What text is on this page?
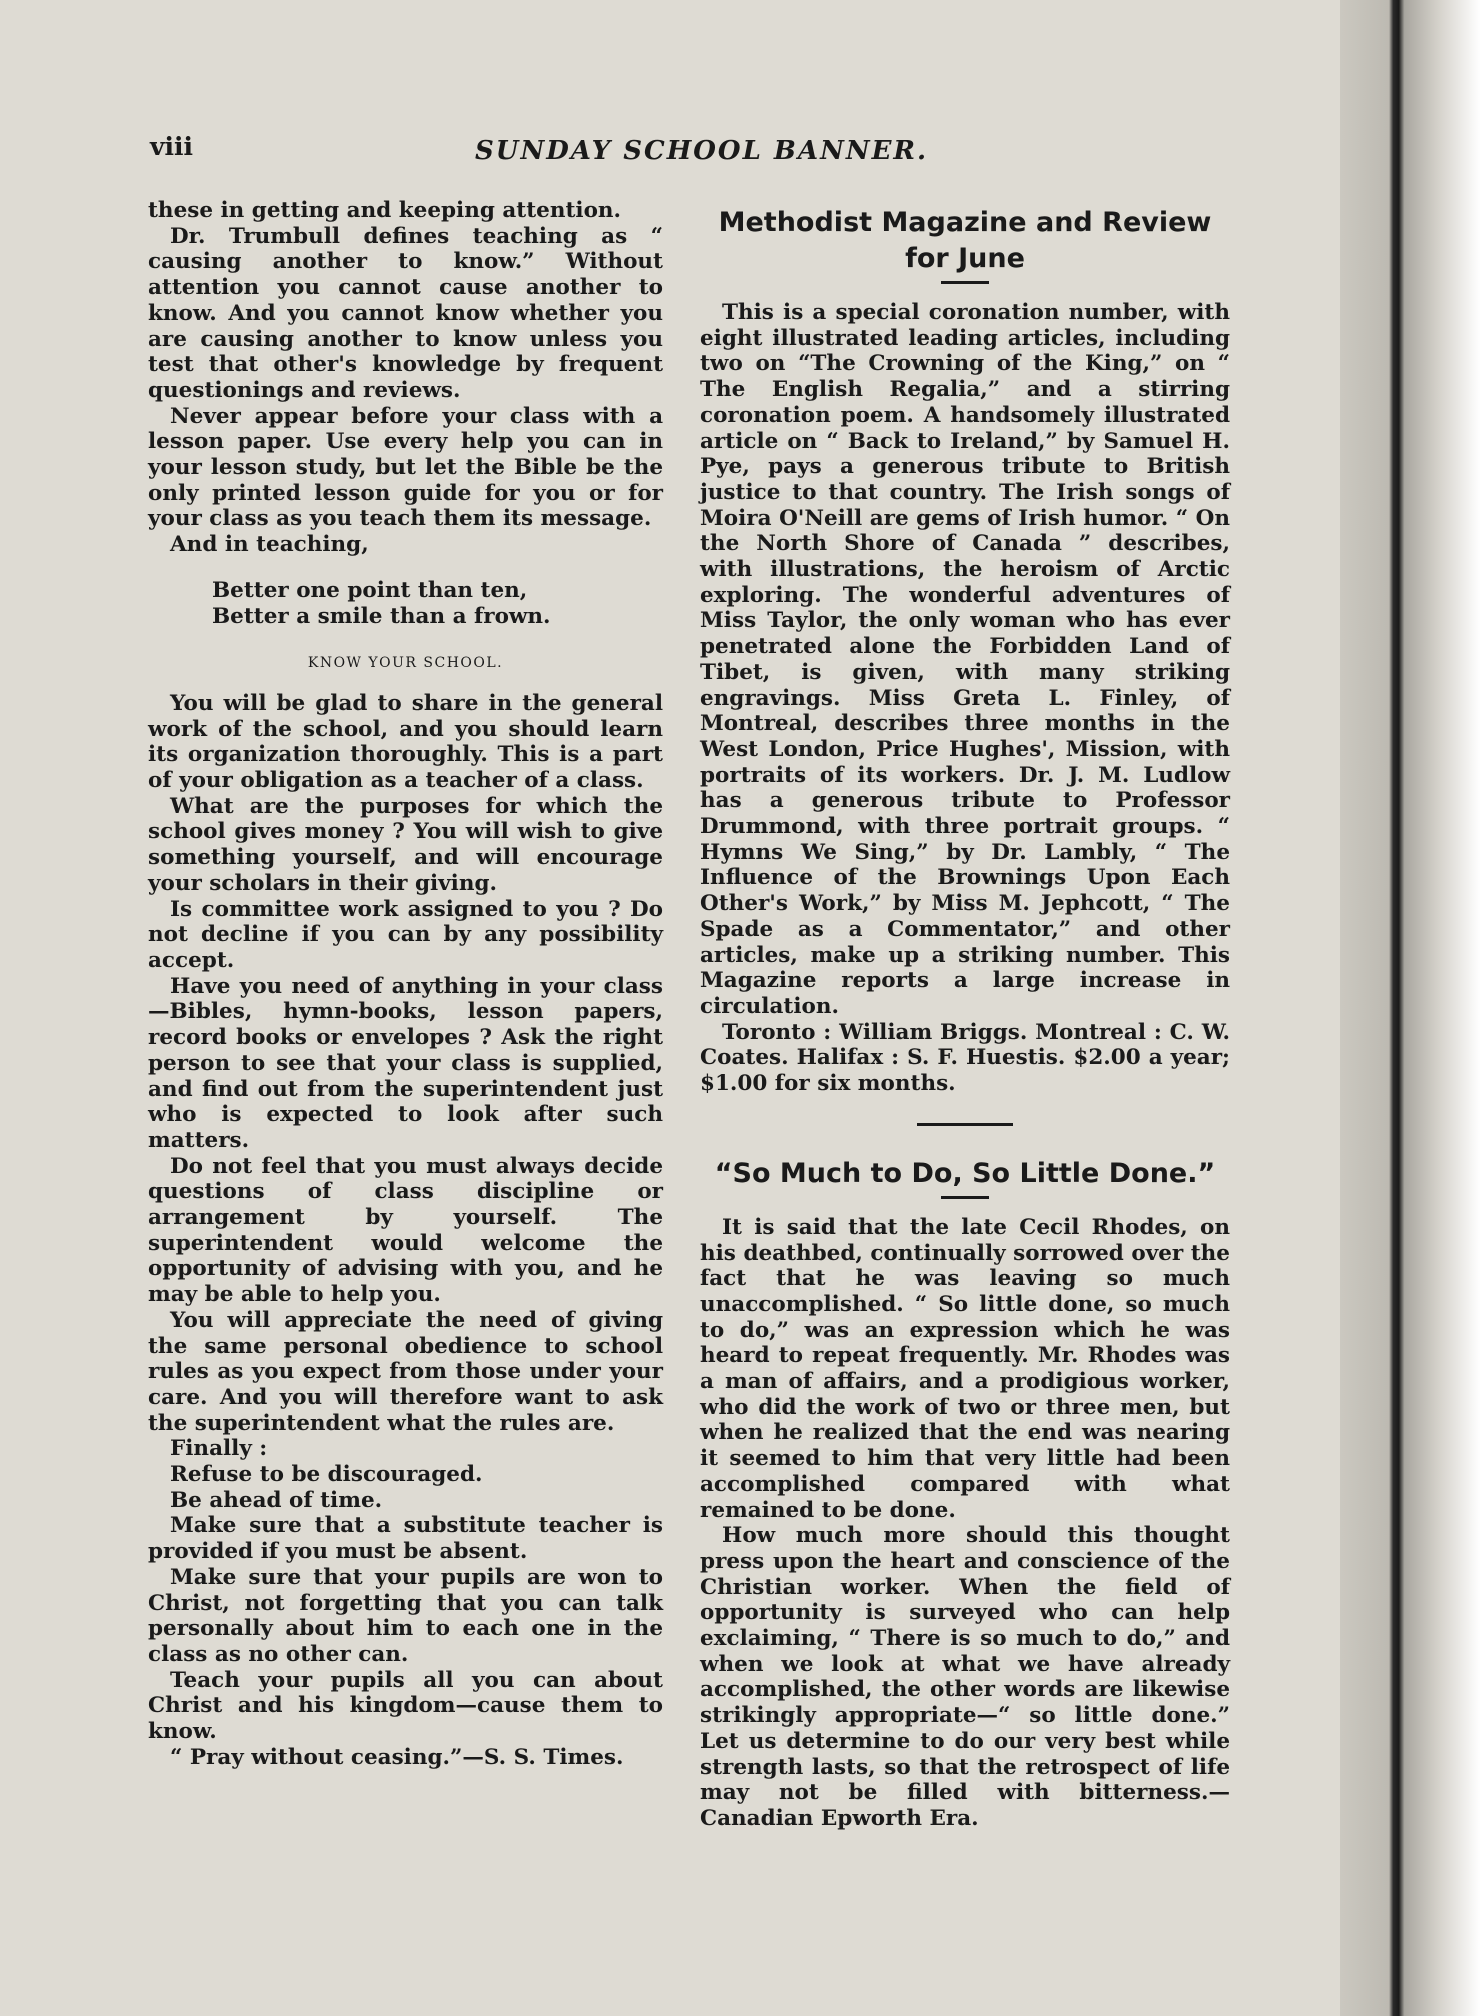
viii	SUNDAY SCHOOL BANNER.

these in getting and keeping attention.

Dr. Trumbull defines teaching as “ causing another to know.” Without attention you cannot cause another to know. And you cannot know whether you are causing another to know unless you test that other's knowledge by frequent questionings and reviews.

Never appear before your class with a lesson paper. Use every help you can in your lesson study, but let the Bible be the only printed lesson guide for you or for your class as you teach them its message.

And in teaching,

Better one point than ten,
Better a smile than a frown.
KNOW YOUR SCHOOL.

You will be glad to share in the general work of the school, and you should learn its organization thoroughly. This is a part of your obligation as a teacher of a class.

What are the purposes for which the school gives money ? You will wish to give something yourself, and will encourage your scholars in their giving.

Is committee work assigned to you ? Do not decline if you can by any possibility accept.

Have you need of anything in your class—Bibles, hymn-books, lesson papers, record books or envelopes ? Ask the right person to see that your class is supplied, and find out from the superintendent just who is expected to look after such matters.

Do not feel that you must always decide questions of class discipline or arrangement by yourself. The superintendent would welcome the opportunity of advising with you, and he may be able to help you.

You will appreciate the need of giving the same personal obedience to school rules as you expect from those under your care. And you will therefore want to ask the superintendent what the rules are.

Finally :

Refuse to be discouraged.

Be ahead of time.

Make sure that a substitute teacher is provided if you must be absent.

Make sure that your pupils are won to Christ, not forgetting that you can talk personally about him to each one in the class as no other can.

Teach your pupils all you can about Christ and his kingdom—cause them to know.

“ Pray without ceasing.”—S. S. Times.

Methodist Magazine and Review for June

This is a special coronation number, with eight illustrated leading articles, including two on “The Crowning of the King,” on “ The English Regalia,” and a stirring coronation poem. A handsomely illustrated article on “ Back to Ireland,” by Samuel H. Pye, pays a generous tribute to British justice to that country. The Irish songs of Moira O'Neill are gems of Irish humor. “ On the North Shore of Canada ” describes, with illustrations, the heroism of Arctic exploring. The wonderful adventures of Miss Taylor, the only woman who has ever penetrated alone the Forbidden Land of Tibet, is given, with many striking engravings. Miss Greta L. Finley, of Montreal, describes three months in the West London, Price Hughes', Mission, with portraits of its workers. Dr. J. M. Ludlow has a generous tribute to Professor Drummond, with three portrait groups. “ Hymns We Sing,” by Dr. Lambly, “ The Influence of the Brownings Upon Each Other's Work,” by Miss M. Jephcott, “ The Spade as a Commentator,” and other articles, make up a striking number. This Magazine reports a large increase in circulation.

Toronto : William Briggs. Montreal : C. W. Coates. Halifax : S. F. Huestis. $2.00 a year; $1.00 for six months.

“So Much to Do, So Little Done.”

It is said that the late Cecil Rhodes, on his deathbed, continually sorrowed over the fact that he was leaving so much unaccomplished. “ So little done, so much to do,” was an expression which he was heard to repeat frequently. Mr. Rhodes was a man of affairs, and a prodigious worker, who did the work of two or three men, but when he realized that the end was nearing it seemed to him that very little had been accomplished compared with what remained to be done.

How much more should this thought press upon the heart and conscience of the Christian worker. When the field of opportunity is surveyed who can help exclaiming, “ There is so much to do,” and when we look at what we have already accomplished, the other words are likewise strikingly appropriate—“ so little done.” Let us determine to do our very best while strength lasts, so that the retrospect of life may not be filled with bitterness.—Canadian Epworth Era.
